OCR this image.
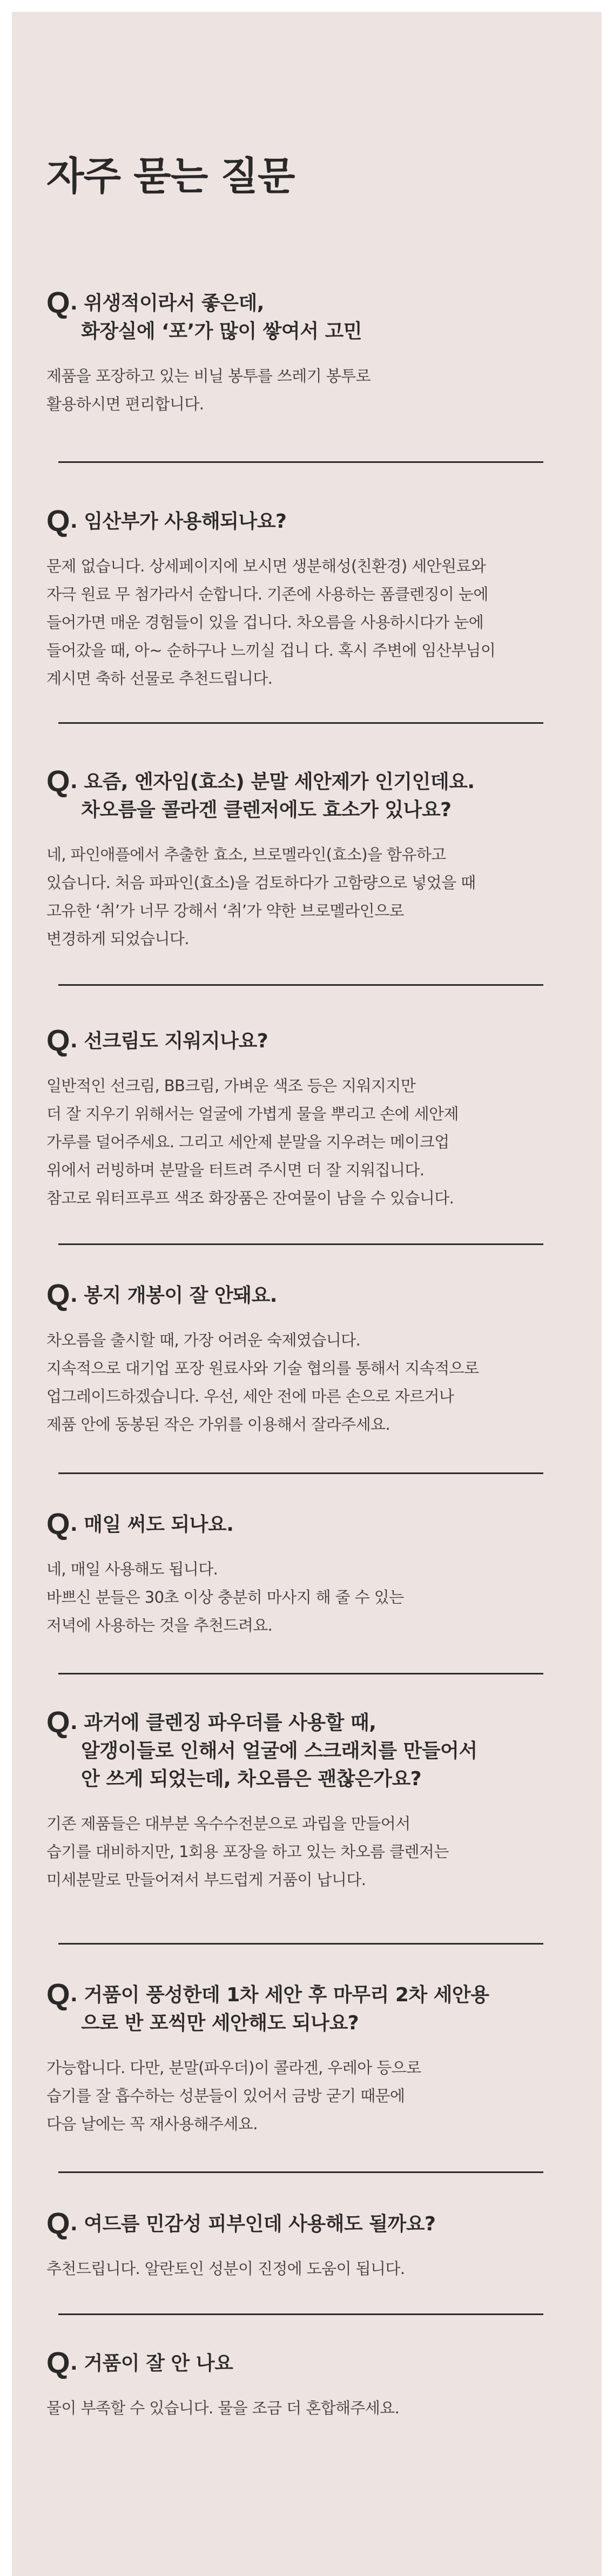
자주 묻는 질문
Q . 위생적이라서 좋은데,
화장실에 ‘포’가 많이 쌓여서 고민
제품을 포장하고 있는 비닐 봉투를 쓰레기 봉투로
활용하시면 편리합니다.
Q . 임산부가 사용해되나요?
문제 없습니다. 상세페이지에 보시면 생분해성(친환경) 세안원료와
자극 원료 무 첨가라서 순합니다. 기존에 사용하는 폼클렌징이 눈에
들어가면 매운 경험들이 있을 겁니다. 차오름을 사용하시다가 눈에
들어갔을 때, 아~ 순하구나 느끼실 겁니 다. 혹시 주변에 임산부님이
계시면 축하 선물로 추천드립니다.
Q . 요즘, 엔자임(효소) 분말 세안제가 인기인데요.
차오름을 콜라겐 클렌저에도 효소가 있나요?
네, 파인애플에서 추출한 효소, 브로멜라인(효소)을 함유하고
있습니다. 처음 파파인(효소)을 검토하다가 고함량으로 넣었을 때
고유한 ‘취’가 너무 강해서 ‘취’가 약한 브로멜라인으로
변경하게 되었습니다.
Q . 선크림도 지워지나요?
일반적인 선크림, BB크림, 가벼운 색조 등은 지워지지만
더 잘 지우기 위해서는 얼굴에 가볍게 물을 뿌리고 손에 세안제
가루를 덜어주세요. 그리고 세안제 분말을 지우려는 메이크업
위에서 러빙하며 분말을 터트려 주시면 더 잘 지워집니다.
참고로 워터프루프 색조 화장품은 잔여물이 남을 수 있습니다.
Q . 봉지 개봉이 잘 안돼요.
차오름을 출시할 때, 가장 어려운 숙제였습니다.
지속적으로 대기업 포장 원료사와 기술 협의를 통해서 지속적으로
업그레이드하겠습니다. 우선, 세안 전에 마른 손으로 자르거나
제품 안에 동봉된 작은 가위를 이용해서 잘라주세요.
Q . 매일 써도 되나요.
네, 매일 사용해도 됩니다.
바쁘신 분들은 30초 이상 충분히 마사지 해 줄 수 있는
저녁에 사용하는 것을 추천드려요.
Q . 과거에 클렌징 파우더를 사용할 때,
알갱이들로 인해서 얼굴에 스크래치를 만들어서
안 쓰게 되었는데, 차오름은 괜찮은가요?
기존 제품들은 대부분 옥수수전분으로 과립을 만들어서
습기를 대비하지만, 1회용 포장을 하고 있는 차오름 클렌저는
미세분말로 만들어져서 부드럽게 거품이 납니다.
Q . 거품이 풍성한데 1차 세안 후 마무리 2차 세안용
으로 반 포씩만 세안해도 되나요?
가능합니다. 다만, 분말(파우더)이 콜라겐, 우레아 등으로
습기를 잘 흡수하는 성분들이 있어서 금방 굳기 때문에
다음 날에는 꼭 재사용해주세요.
Q . 여드름 민감성 피부인데 사용해도 될까요?
추천드립니다. 알란토인 성분이 진정에 도움이 됩니다.
Q . 거품이 잘 안 나요
물이 부족할 수 있습니다. 물을 조금 더 혼합해주세요.
